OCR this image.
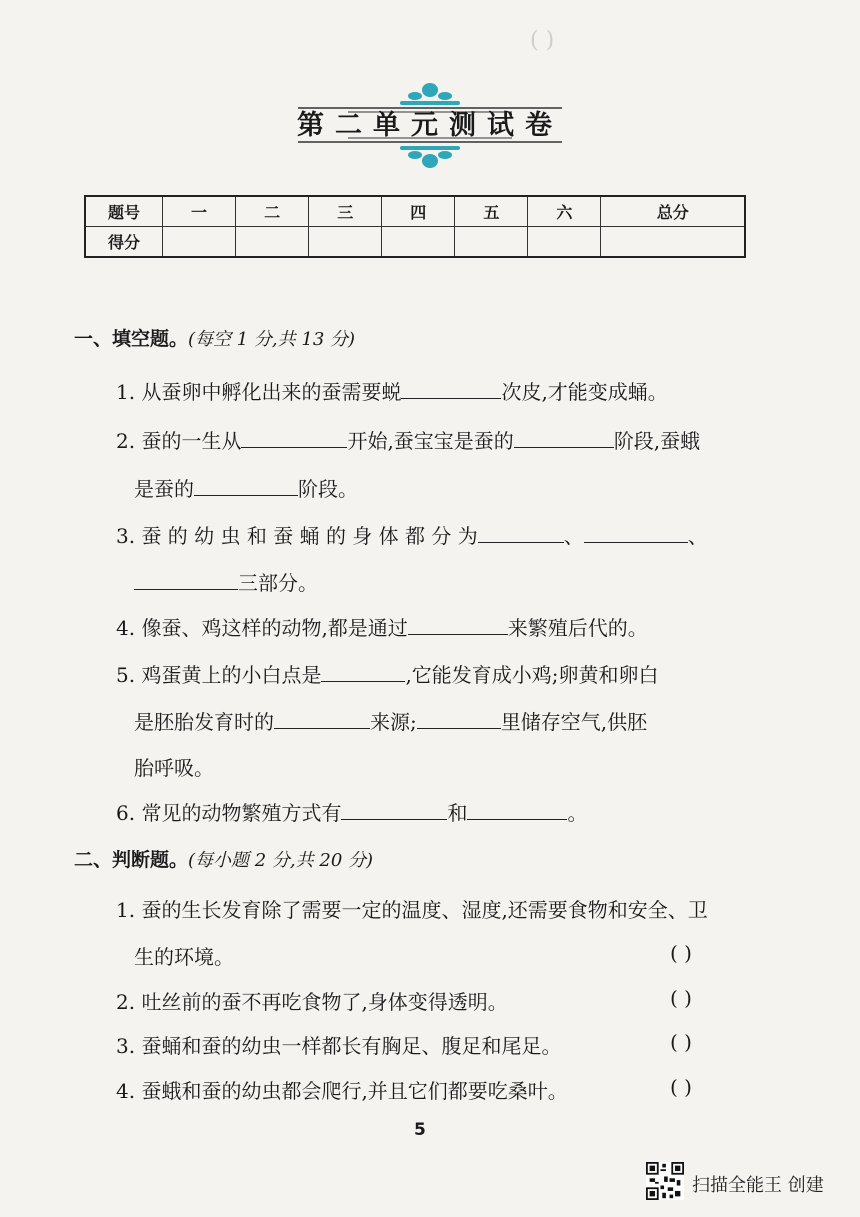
( )
第二单元测试卷
题号	一	二	三	四	五	六	总分
得分							
一、填空题。(每空 1 分,共 13 分)
1. 从蚕卵中孵化出来的蚕需要蜕	次皮,才能变成蛹。
2. 蚕的一生从	开始,蚕宝宝是蚕的	阶段,蚕蛾
是蚕的	阶段。
3. 蚕 的 幼 虫 和 蚕 蛹 的 身 体 都 分 为	、	、
三部分。
4. 像蚕、鸡这样的动物,都是通过	来繁殖后代的。
5. 鸡蛋黄上的小白点是	,它能发育成小鸡;卵黄和卵白
是胚胎发育时的	来源;	里储存空气,供胚
胎呼吸。
6. 常见的动物繁殖方式有	和	。
二、判断题。(每小题 2 分,共 20 分)
1. 蚕的生长发育除了需要一定的温度、湿度,还需要食物和安全、卫
生的环境。	( )
2. 吐丝前的蚕不再吃食物了,身体变得透明。	( )
3. 蚕蛹和蚕的幼虫一样都长有胸足、腹足和尾足。	( )
4. 蚕蛾和蚕的幼虫都会爬行,并且它们都要吃桑叶。	( )
5
扫描全能王 创建
